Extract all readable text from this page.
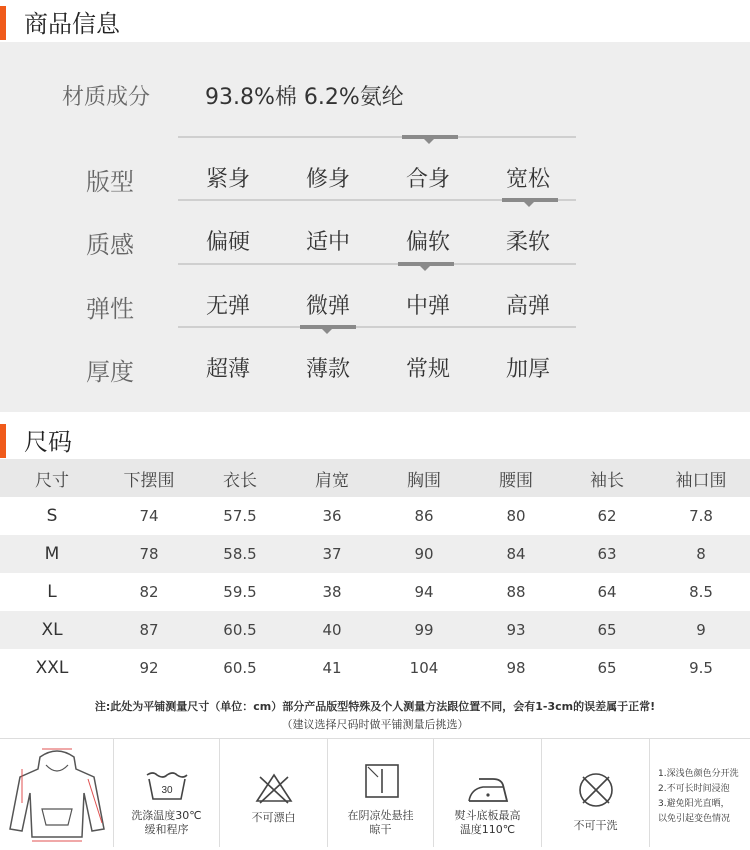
商品信息
材质成分 93.8%棉 6.2%氨纶
版型	紧身	修身	合身	宽松
质感	偏硬	适中	偏软	柔软
弹性	无弹	微弹	中弹	高弹
厚度	超薄	薄款	常规	加厚
尺码
尺寸	下摆围	衣长	肩宽	胸围	腰围	袖长	袖口围
S	74	57.5	36	86	80	62	7.8
M	78	58.5	37	90	84	63	8
L	82	59.5	38	94	88	64	8.5
XL	87	60.5	40	99	93	65	9
XXL	92	60.5	41	104	98	65	9.5
注:此处为平铺测量尺寸（单位：cm）部分产品版型特殊及个人测量方法跟位置不同，会有1-3cm的误差属于正常!
（建议选择尺码时做平铺测量后挑选）
30
洗涤温度30℃
缓和程序
不可漂白	在阴凉处悬挂
晾干
熨斗底板最高
温度110℃	不可干洗
1.深浅色颜色分开洗
2.不可长时间浸泡
3.避免阳光直晒，
以免引起变色情况
